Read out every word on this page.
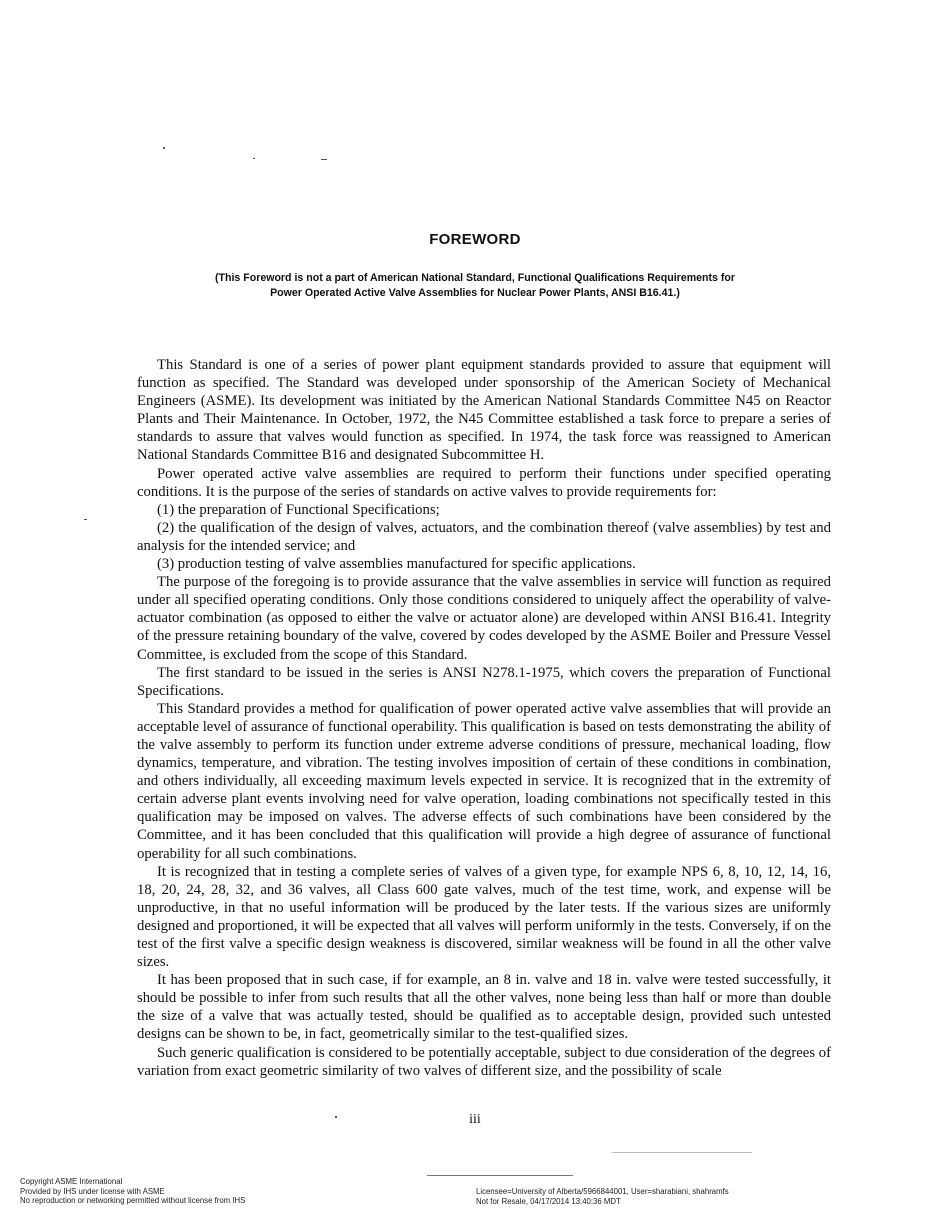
FOREWORD
(This Foreword is not a part of American National Standard, Functional Qualifications Requirements for
Power Operated Active Valve Assemblies for Nuclear Power Plants, ANSI B16.41.)

This Standard is one of a series of power plant equipment standards provided to assure that equipment will function as specified. The Standard was developed under sponsorship of the American Society of Mechanical Engineers (ASME). Its development was initiated by the American National Standards Committee N45 on Reactor Plants and Their Maintenance. In October, 1972, the N45 Committee established a task force to prepare a series of standards to assure that valves would function as specified. In 1974, the task force was reassigned to American National Standards Committee B16 and designated Subcommittee H.

Power operated active valve assemblies are required to perform their functions under specified operating conditions. It is the purpose of the series of standards on active valves to provide requirements for:

(1) the preparation of Functional Specifications;

(2) the qualification of the design of valves, actuators, and the combination thereof (valve assemblies) by test and analysis for the intended service; and

(3) production testing of valve assemblies manufactured for specific applications.

The purpose of the foregoing is to provide assurance that the valve assemblies in service will function as required under all specified operating conditions. Only those conditions considered to uniquely affect the operability of valve-actuator combination (as opposed to either the valve or actuator alone) are developed within ANSI B16.41. Integrity of the pressure retaining boundary of the valve, covered by codes developed by the ASME Boiler and Pressure Vessel Committee, is excluded from the scope of this Standard.

The first standard to be issued in the series is ANSI N278.1-1975, which covers the preparation of Functional Specifications.

This Standard provides a method for qualification of power operated active valve assemblies that will provide an acceptable level of assurance of functional operability. This qualification is based on tests demonstrating the ability of the valve assembly to perform its function under extreme adverse conditions of pressure, mechanical loading, flow dynamics, temperature, and vibration. The testing involves imposition of certain of these conditions in combination, and others individually, all exceeding maximum levels expected in service. It is recognized that in the extremity of certain adverse plant events involving need for valve operation, loading combinations not specifically tested in this qualification may be imposed on valves. The adverse effects of such combinations have been considered by the Committee, and it has been concluded that this qualification will provide a high degree of assurance of functional operability for all such combinations.

It is recognized that in testing a complete series of valves of a given type, for example NPS 6, 8, 10, 12, 14, 16, 18, 20, 24, 28, 32, and 36 valves, all Class 600 gate valves, much of the test time, work, and expense will be unproductive, in that no useful information will be produced by the later tests. If the various sizes are uniformly designed and proportioned, it will be expected that all valves will perform uniformly in the tests. Conversely, if on the test of the first valve a specific design weakness is discovered, similar weakness will be found in all the other valve sizes.

It has been proposed that in such case, if for example, an 8 in. valve and 18 in. valve were tested successfully, it should be possible to infer from such results that all the other valves, none being less than half or more than double the size of a valve that was actually tested, should be qualified as to acceptable design, provided such untested designs can be shown to be, in fact, geometrically similar to the test-qualified sizes.

Such generic qualification is considered to be potentially acceptable, subject to due consideration of the degrees of variation from exact geometric similarity of two valves of different size, and the possibility of scale

iii
Copyright ASME International
Provided by IHS under license with ASME
No reproduction or networking permitted without license from IHS
Licensee=University of Alberta/5966844001, User=sharabiani, shahramfs
Not for Resale, 04/17/2014 13:40:36 MDT
